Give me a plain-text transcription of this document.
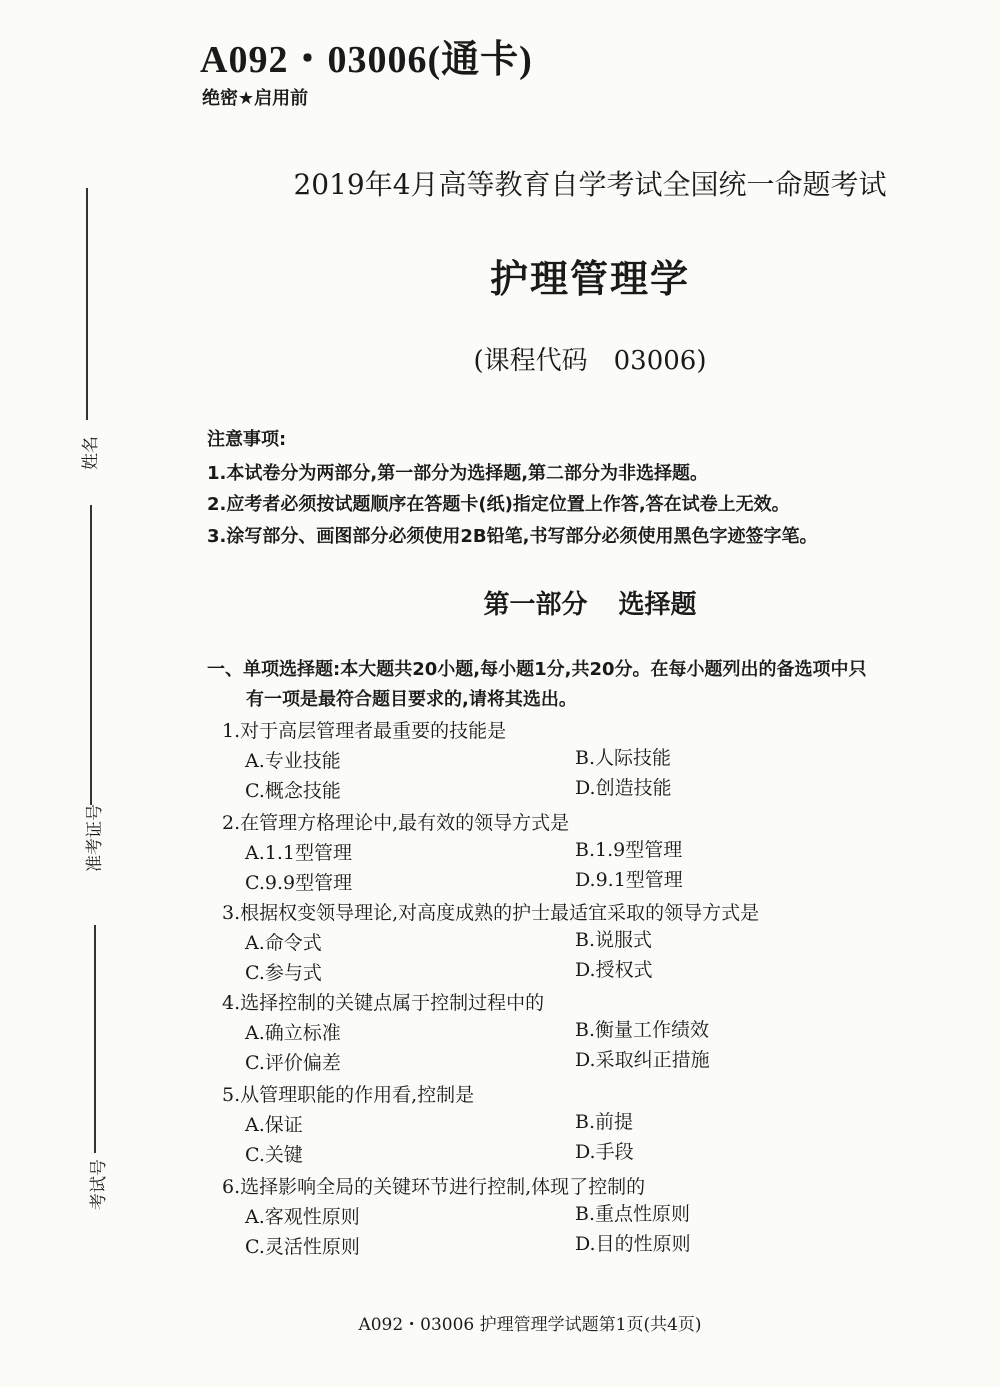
A092・03006(通卡)
绝密★启用前
2019年4月高等教育自学考试全国统一命题考试
护理管理学
(课程代码　03006)
姓名
准考证号
考试号
注意事项:
1.本试卷分为两部分,第一部分为选择题,第二部分为非选择题。
2.应考者必须按试题顺序在答题卡(纸)指定位置上作答,答在试卷上无效。
3.涂写部分、画图部分必须使用2B铅笔,书写部分必须使用黑色字迹签字笔。
第一部分 选择题
一、单项选择题:本大题共20小题,每小题1分,共20分。在每小题列出的备选项中只
有一项是最符合题目要求的,请将其选出。
1.对于高层管理者最重要的技能是
A.专业技能	B.人际技能
C.概念技能	D.创造技能
2.在管理方格理论中,最有效的领导方式是
A.1.1型管理	B.1.9型管理
C.9.9型管理	D.9.1型管理
3.根据权变领导理论,对高度成熟的护士最适宜采取的领导方式是
A.命令式	B.说服式
C.参与式	D.授权式
4.选择控制的关键点属于控制过程中的
A.确立标准	B.衡量工作绩效
C.评价偏差	D.采取纠正措施
5.从管理职能的作用看,控制是
A.保证	B.前提
C.关键	D.手段
6.选择影响全局的关键环节进行控制,体现了控制的
A.客观性原则	B.重点性原则
C.灵活性原则	D.目的性原则
A092・03006 护理管理学试题第1页(共4页)
